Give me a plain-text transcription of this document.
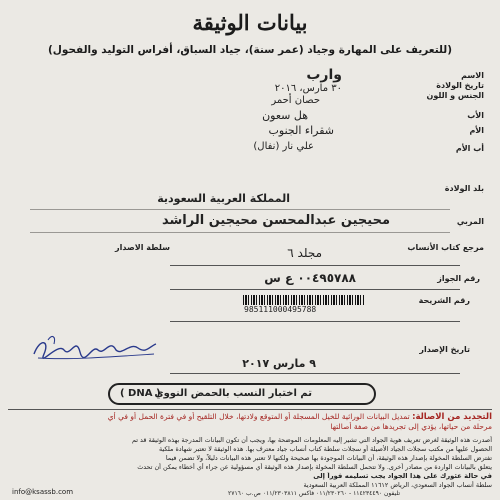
بيانات الوثيقة
(للتعريف على المهارة وجياد (عمر سنة)، جياد السباق، أفراس التوليد والفحول)
الاسم
وارب
تاريخ الولادة
٣٠ مارس، ٢٠١٦
الجنس و اللون
حصان أحمر
الأب
هل سعون
الأم
شقراء الجنوب
أب الأم
علي نار (نفال)
بلد الولادة
المملكة العربية السعودية
المربي
محيجين عبدالمحسن محيجين الراشد
مرجع كتاب الأنساب
سلطة الاصدار	مجلد ٦
رقم الجواز
٠٠٤٩٥٧٨٨ ع س
رقم الشريحة
985111000495788
تاريخ الإصدار
٩ مارس ٢٠١٧
تم اختبار النسب بالحمض النووي
( DNA )
التجديد من الاصالة: تمديل البيانات الوراثية للخيل المسجلة أو المتوقع ولادتها، خلال التلقيح أو في فترة الحمل أو في أي
مرحلة من حياتها، يؤدي إلى تجريدها من صفة أصالتها
أصدرت هذه الوثيقة لغرض تعريف هوية الجواد التي تشير إليه المعلومات الموضحة بها، ويجب أن تكون البيانات المدرجة بهذه الوثيقة قد تم
الحصول عليها من مكتب سجلات الجياد الأصيلة أو سجلات سلطة كتاب أنساب جياد معترف بها. هذه الوثيقة لا تعتبر شهادة ملكية
تفترض السلطة المخولة بإصدار هذه الوثيقة، أن البيانات الموجودة بها صحيحة ولكنها لا تعتبر هذه البيانات دليلاً، ولا تضمن فيما
يتعلق بالبيانات الواردة من مصادر أخرى. ولا تتحمل السلطة المخولة بإصدار هذه الوثيقة أي مسؤولية عن جراء أي أخطاء يمكن أن تحدث
في حالة عثورك على هذا الجواد يجب تسليمه فوراً إلى
سلطة أنساب الجواد السعودي، الرياض ١١٦١٢ المملكة العربية السعودية
تليفون ١١٤٢٣٤٤٩٠ - ٠١١/٢٣٠٢٦٠ فاكس ٠١١/٢٣٠٣٨١١ ص.ب ٢٧١٦٠
info@ksassb.com
